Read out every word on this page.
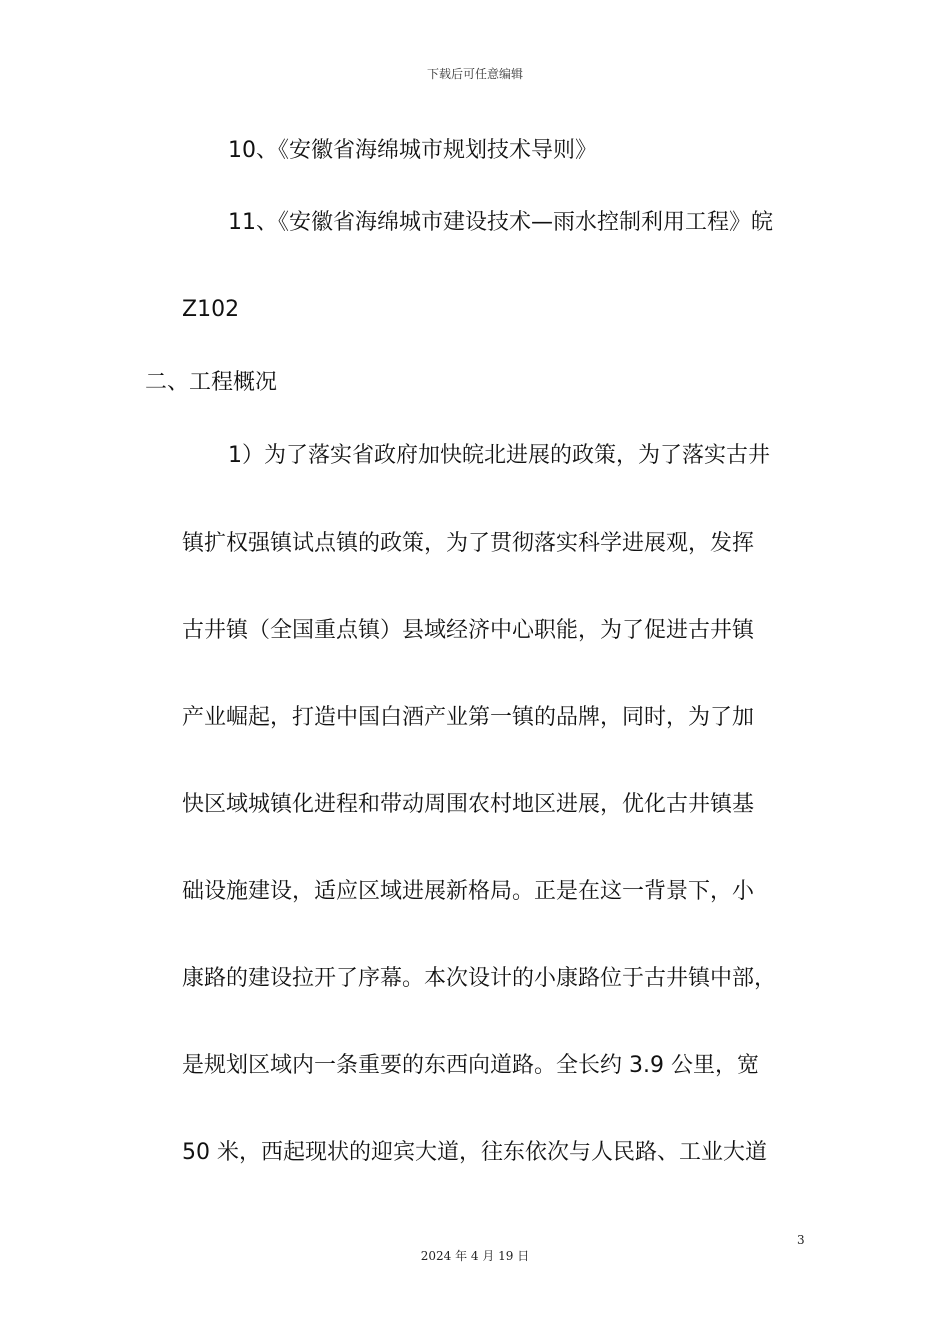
下载后可任意编辑
10、《安徽省海绵城市规划技术导则》
11、《安徽省海绵城市建设技术—雨水控制利用工程》皖
Z102
二、工程概况
1）为了落实省政府加快皖北进展的政策，为了落实古井
镇扩权强镇试点镇的政策，为了贯彻落实科学进展观，发挥
古井镇（全国重点镇）县域经济中心职能，为了促进古井镇
产业崛起，打造中国白酒产业第一镇的品牌，同时，为了加
快区域城镇化进程和带动周围农村地区进展，优化古井镇基
础设施建设，适应区域进展新格局。正是在这一背景下，小
康路的建设拉开了序幕。本次设计的小康路位于古井镇中部，
是规划区域内一条重要的东西向道路。全长约 3.9 公里，宽
50 米，西起现状的迎宾大道，往东依次与人民路、工业大道
3
2024 年 4 月 19 日
